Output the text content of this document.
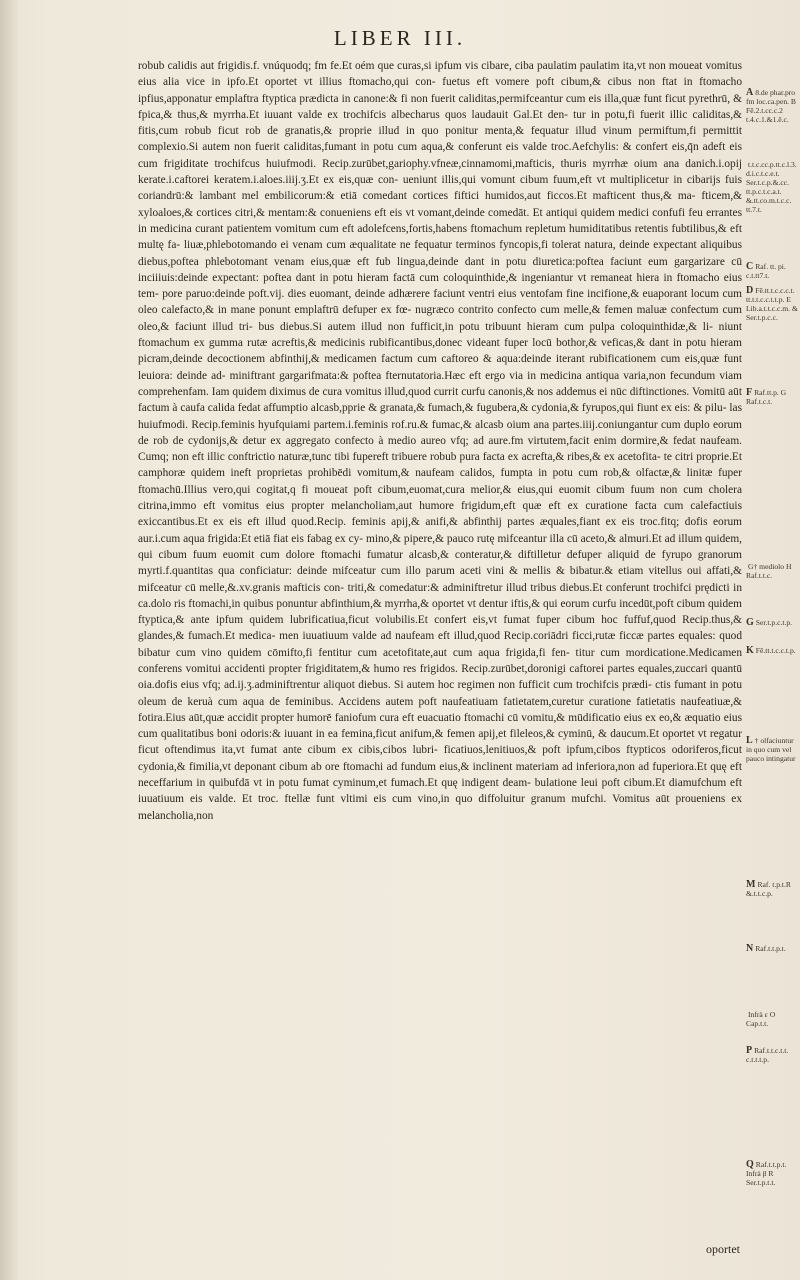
LIBER III.

robub calidis aut frigidis.f. vnúquodq; fm fe.Et oém que curas,si ipfum vis cibare, ciba paulatim paulatim ita,vt non moueat vomitus eius alia vice in ipfo.Et oportet vt illius ftomacho,qui con- fuetus eft vomere poft cibum,& cibus non ftat in ftomacho ipfius,apponatur emplaftra ftyptica prædicta in canone:& fi non fuerit caliditas,permifceantur cum eis illa,quæ funt ficut pyrethrū, & fpica,& thus,& myrrha.Et iuuant valde ex trochifcis albecharus quos laudauit Gal.Et den- tur in potu,fi fuerit illic caliditas,& fitis,cum robub ficut rob de granatis,& proprie illud in quo ponitur menta,& fequatur illud vinum permiftum,fi permittit complexio.Si autem non fuerit caliditas,fumant in potu cum aqua,& conferunt eis valde troc.Aefchylis: & confert eis,q̄n adeft eis cum frigiditate trochifcus huiufmodi. Recip.zurūbet,gariophy.vfneæ,cinnamomi,mafticis, thuris myrrhæ oium ana danich.i.opij kerate.i.caftorei keratem.i.aloes.iiij.ʒ.Et ex eis,quæ con- ueniunt illis,qui vomunt cibum fuum,eft vt multiplicetur in cibarijs fuis coriandrū:& lambant mel embilicorum:& etiā comedant cortices fiftici humidos,aut ficcos.Et mafticent thus,& ma- fticem,& xyloaloes,& cortices citri,& mentam:& conueniens eft eis vt vomant,deinde comedāt. Et antiqui quidem medici confufi feu errantes in medicina curant patientem vomitum cum eft adolefcens,fortis,habens ftomachum repletum humiditatibus retentis fubtilibus,& eft multę fa- liuæ,phlebotomando ei venam cum æqualitate ne fequatur terminos fyncopis,fi tolerat natura, deinde expectant aliquibus diebus,poftea phlebotomant venam eius,quæ eft fub lingua,deinde dant in potu diuretica:poftea faciunt eum gargarizare cū inciiiuis:deinde expectant: poftea dant in potu hieram factā cum coloquinthide,& ingeniantur vt remaneat hiera in ftomacho eius tem- pore paruo:deinde poft.vij. dies euomant, deinde adhærere faciunt ventri eius ventofam fine incifione,& euaporant locum cum oleo calefacto,& in mane ponunt emplaftrū defuper ex fœ- nugræco contrito confecto cum melle,& femen maluæ confectum cum oleo,& faciunt illud tri- bus diebus.Si autem illud non fufficit,in potu tribuunt hieram cum pulpa coloquinthidæ,& li- niunt ftomachum ex gumma rutæ acreftis,& medicinis rubificantibus,donec videant fuper locū bothor,& veficas,& dant in potu hieram picram,deinde decoctionem abfinthij,& medicamen factum cum caftoreo & aqua:deinde iterant rubificationem cum eis,quæ funt leuiora: deinde ad- miniftrant gargarifmata:& poftea fternutatoria.Hæc eft ergo via in medicina antiqua varia,non fecundum viam comprehenfam. Iam quidem diximus de cura vomitus illud,quod currit curfu canonis,& nos addemus ei nūc diftinctiones. Vomitū aūt factum à caufa calida fedat affumptio alcasb,pprie & granata,& fumach,& fugubera,& cydonia,& fyrupos,qui fiunt ex eis: & pilu- las huiufmodi. Recip.feminis hyufquiami partem.i.feminis rof.ru.& fumac,& alcasb oium ana partes.iiij.coniungantur cum duplo eorum de rob de cydonijs,& detur ex aggregato confecto à medio aureo vfq; ad aure.fm virtutem,facit enim dormire,& fedat naufeam. Cumq; non eft illic conftrictio naturæ,tunc tibi fupereft tribuere robub pura facta ex acrefta,& ribes,& ex acetofita- te citri proprie.Et camphoræ quidem ineft proprietas prohibēdi vomitum,& naufeam calidos, fumpta in potu cum rob,& olfactæ,& linitæ fuper ftomachū.Illius vero,qui cogitat,q fi moueat poft cibum,euomat,cura melior,& eius,qui euomit cibum fuum non cum cholera citrina,immo eft vomitus eius propter melancholiam,aut humore frigidum,eft quæ eft ex curatione facta cum calefactiuis exiccantibus.Et ex eis eft illud quod.Recip. feminis apij,& anifi,& abfinthij partes æquales,fiant ex eis troc.fitq; dofis eorum aur.i.cum aqua frigida:Et etiā fiat eis fabag ex cy- mino,& pipere,& pauco rutę mifceantur illa cū aceto,& almuri.Et ad illum quidem, qui cibum fuum euomit cum dolore ftomachi fumatur alcasb,& conteratur,& diftilletur defuper aliquid de fyrupo granorum myrti.f.quantitas qua conficiatur: deinde mifceatur cum illo parum aceti vini & mellis & bibatur.& etiam vitellus oui affati,& mifceatur cū melle,&.xv.granis mafticis con- triti,& comedatur:& adminiftretur illud tribus diebus.Et conferunt trochifci prędicti in ca.dolo ris ftomachi,in quibus ponuntur abfinthium,& myrrha,& oportet vt dentur iftis,& qui eorum curfu incedūt,poft cibum quidem ftyptica,& ante ipfum quidem lubrificatiua,ficut volubilis.Et confert eis,vt fumat fuper cibum hoc fuffuf,quod Recip.thus,& glandes,& fumach.Et medica- men iuuatiuum valde ad naufeam eft illud,quod Recip.coriādri ficci,rutæ ficcæ partes equales: quod bibatur cum vino quidem cōmifto,fi fentitur cum acetofitate,aut cum aqua frigida,fi fen- titur cum mordicatione.Medicamen conferens vomitui accidenti propter frigiditatem,& humo res frigidos. Recip.zurūbet,doronigi caftorei partes equales,zuccari quantū oia.dofis eius vfq; ad.ij.ʒ.adminiftrentur aliquot diebus. Si autem hoc regimen non fufficit cum trochifcis prædi- ctis fumant in potu oleum de keruà cum aqua de feminibus. Accidens autem poft naufeatiuam fatietatem,curetur curatione fatietatis naufeatiuæ,& fotira.Eius aūt,quæ accidit propter humorē faniofum cura eft euacuatio ftomachi cū vomitu,& mūdificatio eius ex eo,& æquatio eius cum qualitatibus boni odoris:& iuuant in ea femina,ficut anifum,& femen apij,et fileleos,& cyminū, & daucum.Et oportet vt regatur ficut oftendimus ita,vt fumat ante cibum ex cibis,cibos lubri- ficatiuos,lenitiuos,& poft ipfum,cibos ftypticos odoriferos,ficut cydonia,& fimilia,vt deponant cibum ab ore ftomachi ad fundum eius,& inclinent materiam ad inferiora,non ad fuperiora.Et quę eft neceffarium in quibufdā vt in potu fumat cyminum,et fumach.Et quę indigent deam- bulatione leui poft cibum.Et diamufchum eft iuuatiuum eis valde. Et troc. ftellæ funt vltimi eis cum vino,in quo diffoluitur granum mufchi. Vomitus aūt proueniens ex melancholia,non

A 8.de phar.pro fm loc.ca.pen. B Fē.2.t.cc.c.2 t.4.c.1.&1.ē.c.
t.t.c.cc.p.tt.c.l.3.d.i.c.t.c.e.t. Ser.t.c.p.&.cc. tt.p.c.t.c.a.t. &.tt.co.m.t.c.c. tt.7.t.
C Raf. tt. pi. c.t.tt7.t.
D Fē.tt.t.c.c.c.t. tt.t.t.c.c.t.t.p. E Lib.a.t.t.c.c.m. & Ser.t.p.c.c.
F Raf.tt.p. G Raf.t.c.t.
G Ser.t.p.c.t.p.
G† mediolo H Raf.t.t.c.
K Fē.tt.t.c.c.t.p.
L † olfaciuntur in quo cum vel pauco intingatur
M Raf. t.p.t.R &.t.t.c.p.
N Raf.t.t.p.t.
Infrà ε O Cap.t.t.
P Raf.t.t.c.t.t. c.t.t.t.p.
Q Raf.t.t.p.t. Infrà β R Ser.t.p.t.t.
oportet
